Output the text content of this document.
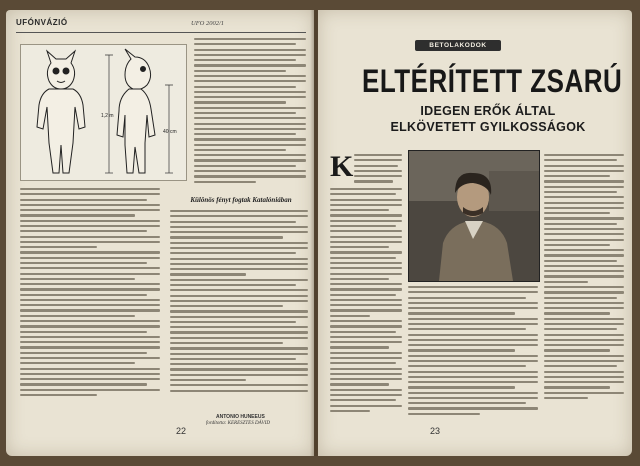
UFÓNVÁZIÓ	UFO 2002/1
1,2 m
40 cm
Különös fényt fogtak Katalóniában
ANTONIO HUNEEUS
fordította: KERESZTES DÁVID
22
BETOLAKODOK
ELTÉRÍTETT ZSARÚ
IDEGEN ERŐK ÁLTAL
ELKÖVETETT GYILKOSSÁGOK
K
23
